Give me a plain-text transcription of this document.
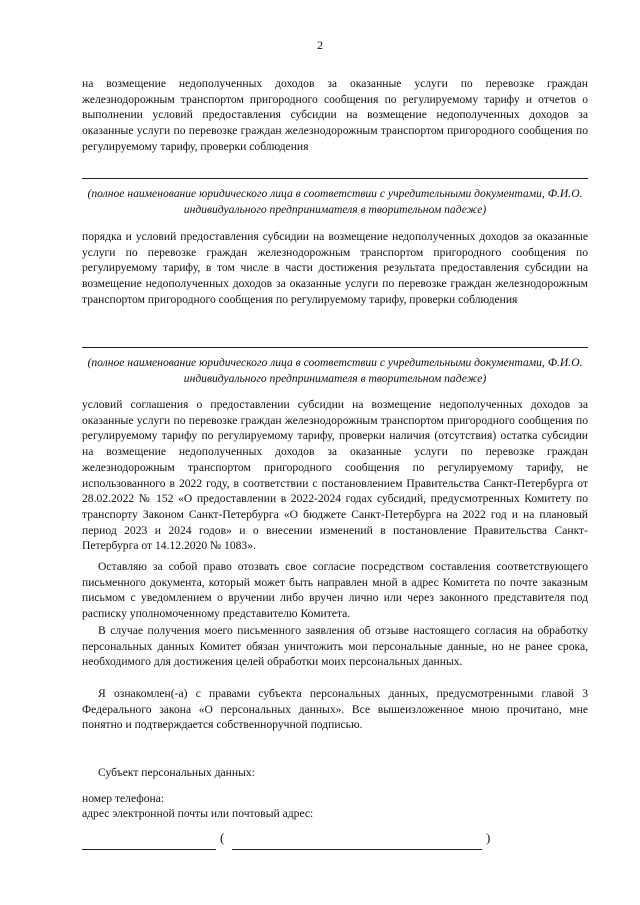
2

на возмещение недополученных доходов за оказанные услуги по перевозке граждан железнодорожным транспортом пригородного сообщения по регулируемому тарифу и отчетов о выполнении условий предоставления субсидии на возмещение недополученных доходов за оказанные услуги по перевозке граждан железнодорожным транспортом пригородного сообщения по регулируемому тарифу, проверки соблюдения

(полное наименование юридического лица в соответствии с учредительными документами, Ф.И.О. индивидуального предпринимателя в творительном падеже)

порядка и условий предоставления субсидии на возмещение недополученных доходов за оказанные услуги по перевозке граждан железнодорожным транспортом пригородного сообщения по регулируемому тарифу, в том числе в части достижения результата предоставления субсидии на возмещение недополученных доходов за оказанные услуги по перевозке граждан железнодорожным транспортом пригородного сообщения по регулируемому тарифу, проверки соблюдения

(полное наименование юридического лица в соответствии с учредительными документами, Ф.И.О. индивидуального предпринимателя в творительном падеже)

условий соглашения о предоставлении субсидии на возмещение недополученных доходов за оказанные услуги по перевозке граждан железнодорожным транспортом пригородного сообщения по регулируемому тарифу по регулируемому тарифу, проверки наличия (отсутствия) остатка субсидии на возмещение недополученных доходов за оказанные услуги по перевозке граждан железнодорожным транспортом пригородного сообщения по регулируемому тарифу, не использованного в 2022 году, в соответствии с постановлением Правительства Санкт-Петербурга от 28.02.2022 № 152 «О предоставлении в 2022-2024 годах субсидий, предусмотренных Комитету по транспорту Законом Санкт-Петербурга «О бюджете Санкт-Петербурга на 2022 год и на плановый период 2023 и 2024 годов» и о внесении изменений в постановление Правительства Санкт-Петербурга от 14.12.2020 № 1083».

Оставляю за собой право отозвать свое согласие посредством составления соответствующего письменного документа, который может быть направлен мной в адрес Комитета по почте заказным письмом с уведомлением о вручении либо вручен лично или через законного представителя под расписку уполномоченному представителю Комитета.

В случае получения моего письменного заявления об отзыве настоящего согласия на обработку персональных данных Комитет обязан уничтожить мои персональные данные, но не ранее срока, необходимого для достижения целей обработки моих персональных данных.

Я ознакомлен(-а) с правами субъекта персональных данных, предусмотренными главой 3 Федерального закона «О персональных данных». Все вышеизложенное мною прочитано, мне понятно и подтверждается собственноручной подписью.

Субъект персональных данных:
номер телефона:
адрес электронной почты или почтовый адрес:
(	)
